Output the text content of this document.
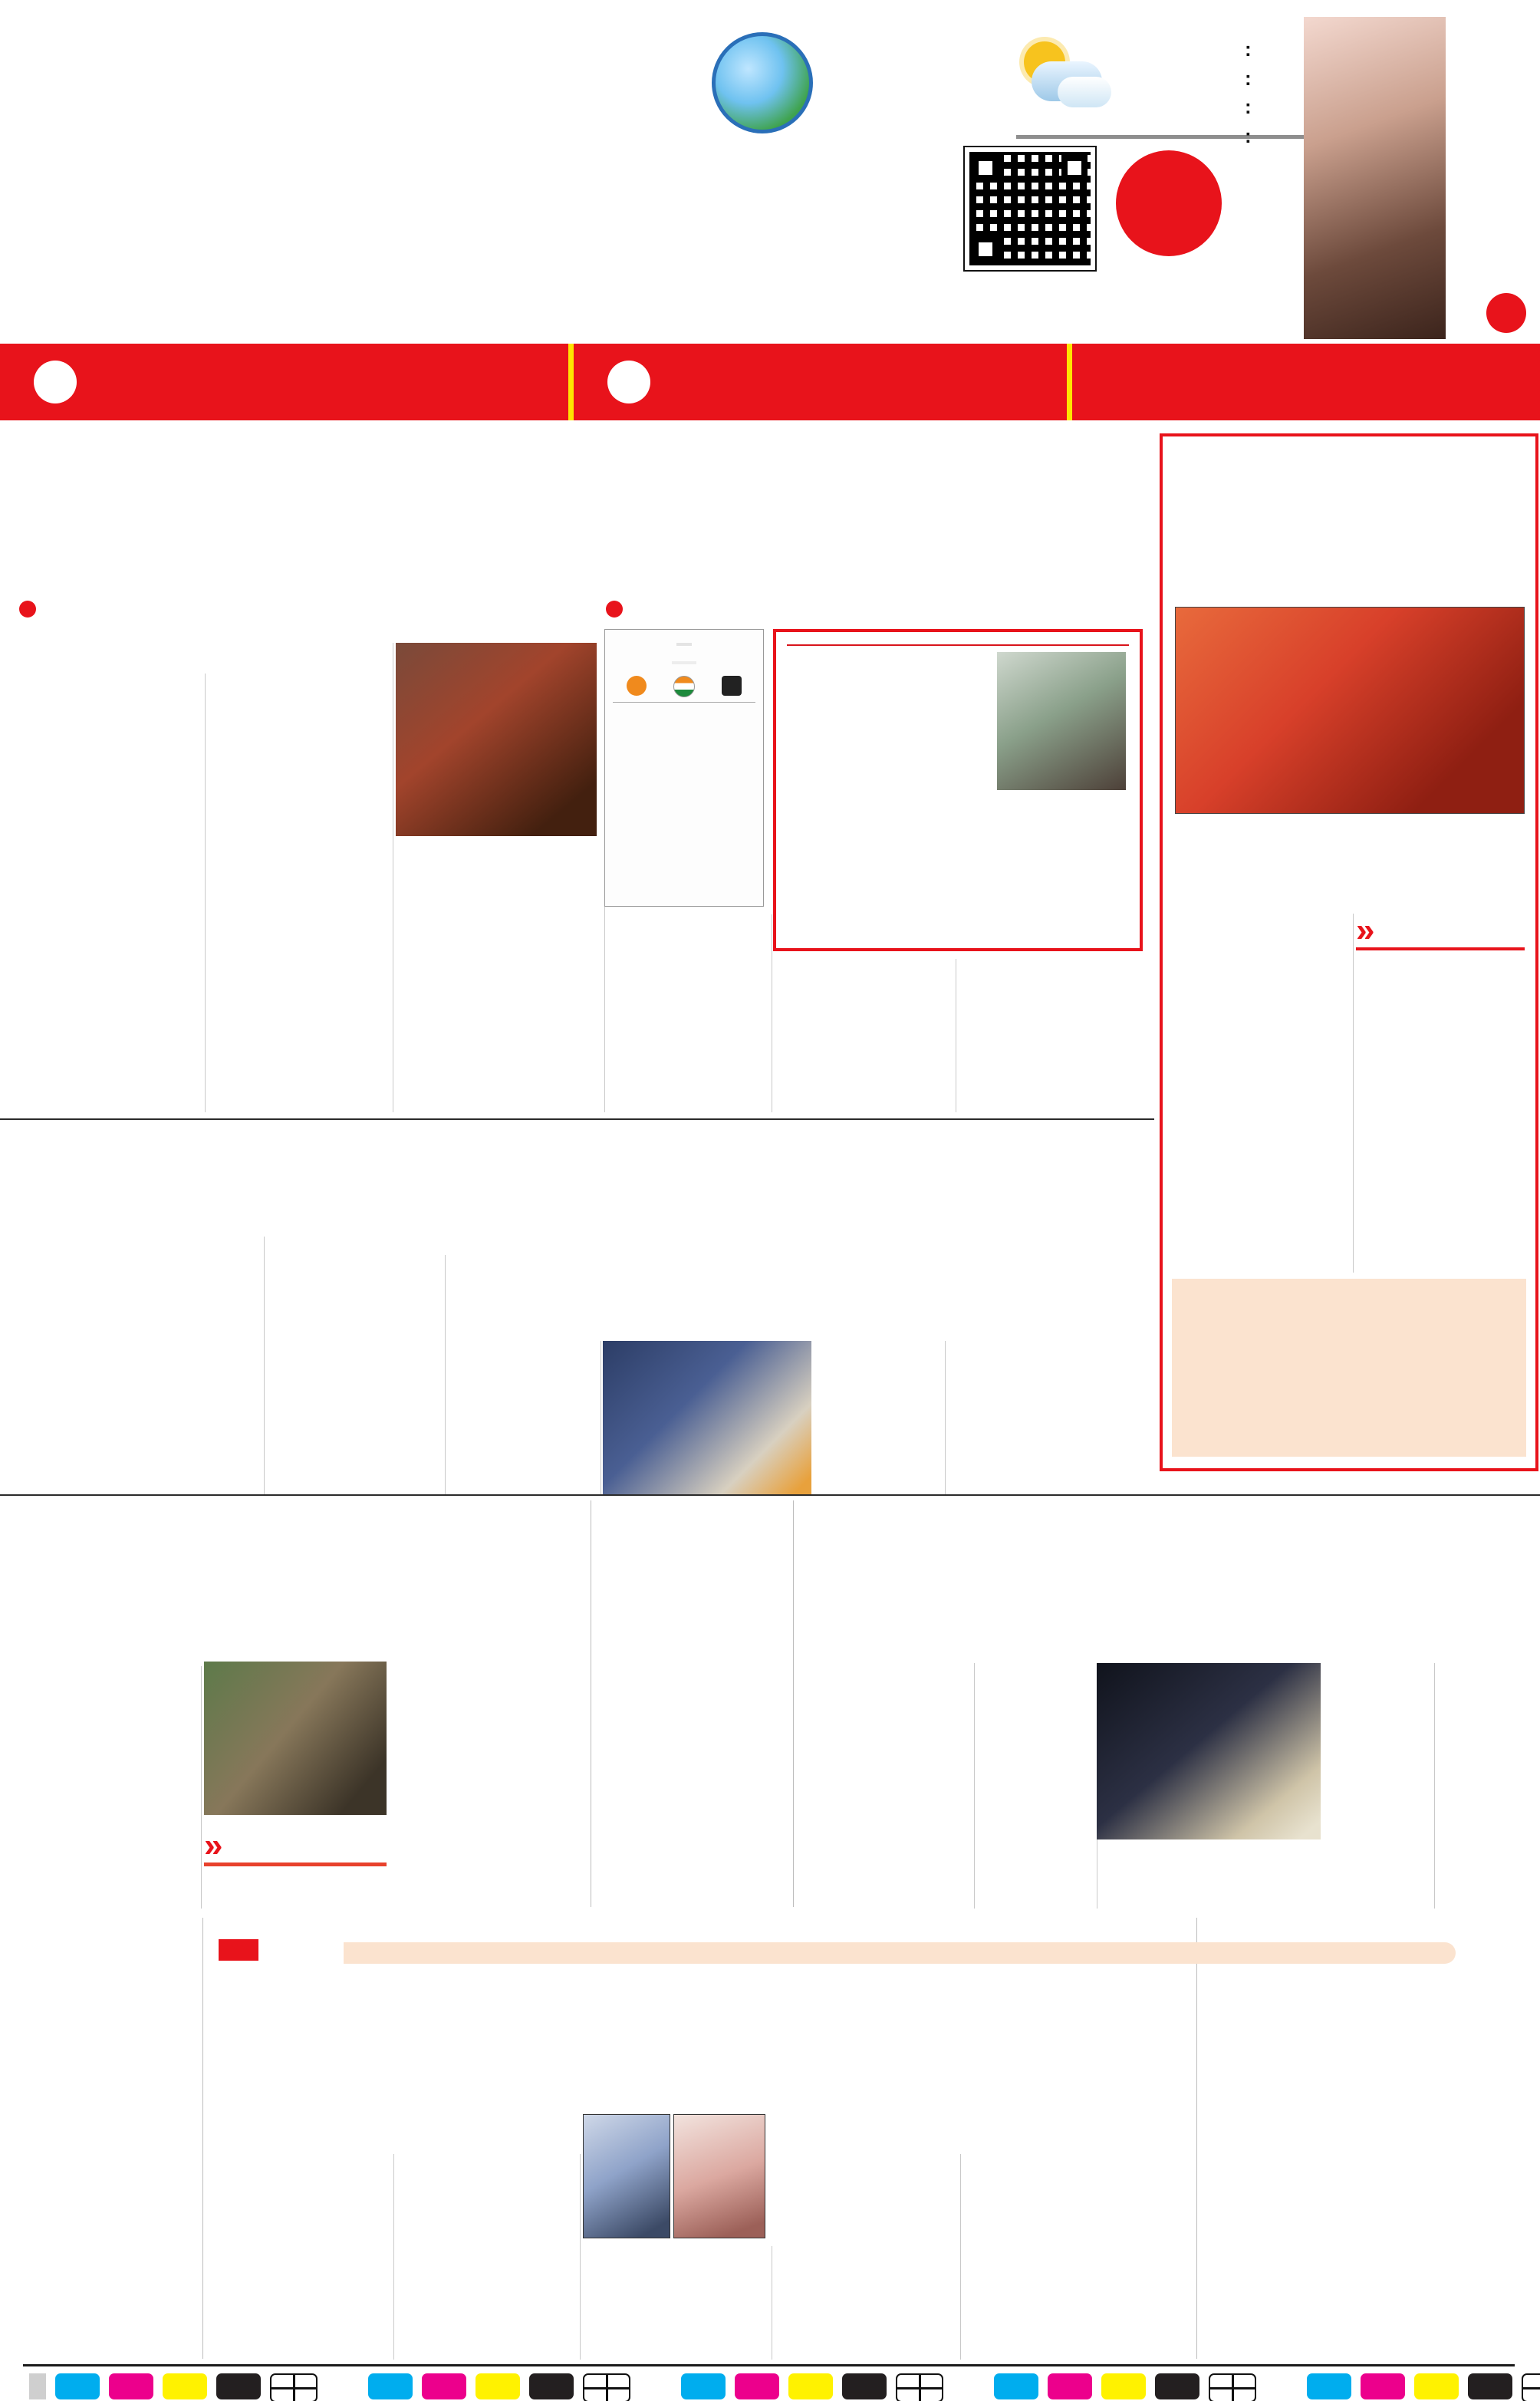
:
:
:
:
»
»
